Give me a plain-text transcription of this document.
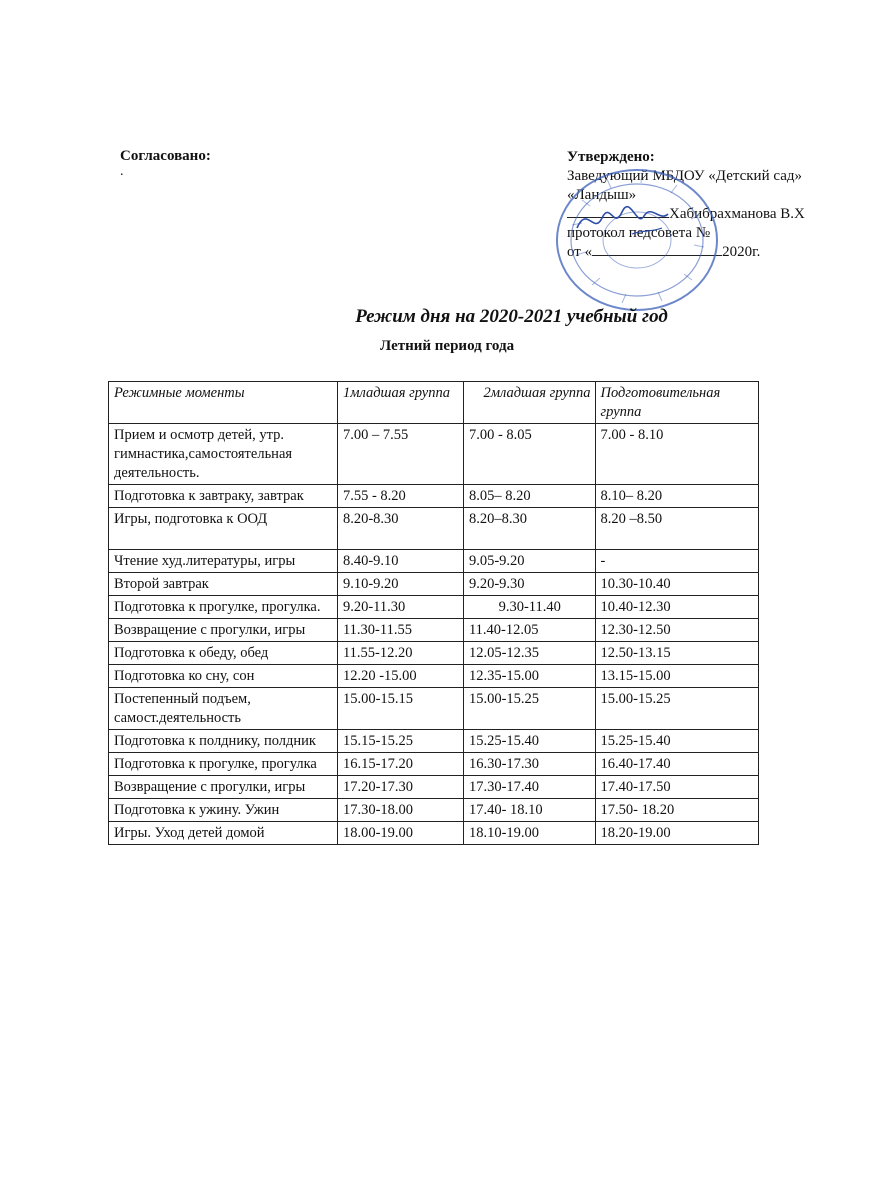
Согласовано:
.
Утверждено:
Заведующий МБДОУ «Детский сад»
«Ландыш»
Хабибрахманова В.Х
протокол педсовета №
от «	2020г.
Режим дня на 2020-2021 учебный год
Летний период года
Режимные моменты	1младшая группа	2младшая группа	Подготовительная группа
Прием и осмотр детей, утр. гимнастика,самостоятельная деятельность.	7.00 – 7.55	7.00 - 8.05	7.00 - 8.10
Подготовка к завтраку, завтрак	7.55 - 8.20	8.05– 8.20	8.10– 8.20
Игры, подготовка к ООД	8.20-8.30	8.20–8.30	8.20 –8.50
Чтение худ.литературы, игры	8.40-9.10	9.05-9.20	-
Второй завтрак	9.10-9.20	9.20-9.30	10.30-10.40
Подготовка к прогулке, прогулка.	9.20-11.30	9.30-11.40	10.40-12.30
Возвращение с прогулки, игры	11.30-11.55	11.40-12.05	12.30-12.50
Подготовка к обеду, обед	11.55-12.20	12.05-12.35	12.50-13.15
Подготовка ко сну, сон	12.20 -15.00	12.35-15.00	13.15-15.00
Постепенный подъем, самост.деятельность	15.00-15.15	15.00-15.25	15.00-15.25
Подготовка к полднику, полдник	15.15-15.25	15.25-15.40	15.25-15.40
Подготовка к прогулке, прогулка	16.15-17.20	16.30-17.30	16.40-17.40
Возвращение с прогулки, игры	17.20-17.30	17.30-17.40	17.40-17.50
Подготовка к ужину. Ужин	17.30-18.00	17.40- 18.10	17.50- 18.20
Игры. Уход детей домой	18.00-19.00	18.10-19.00	18.20-19.00
